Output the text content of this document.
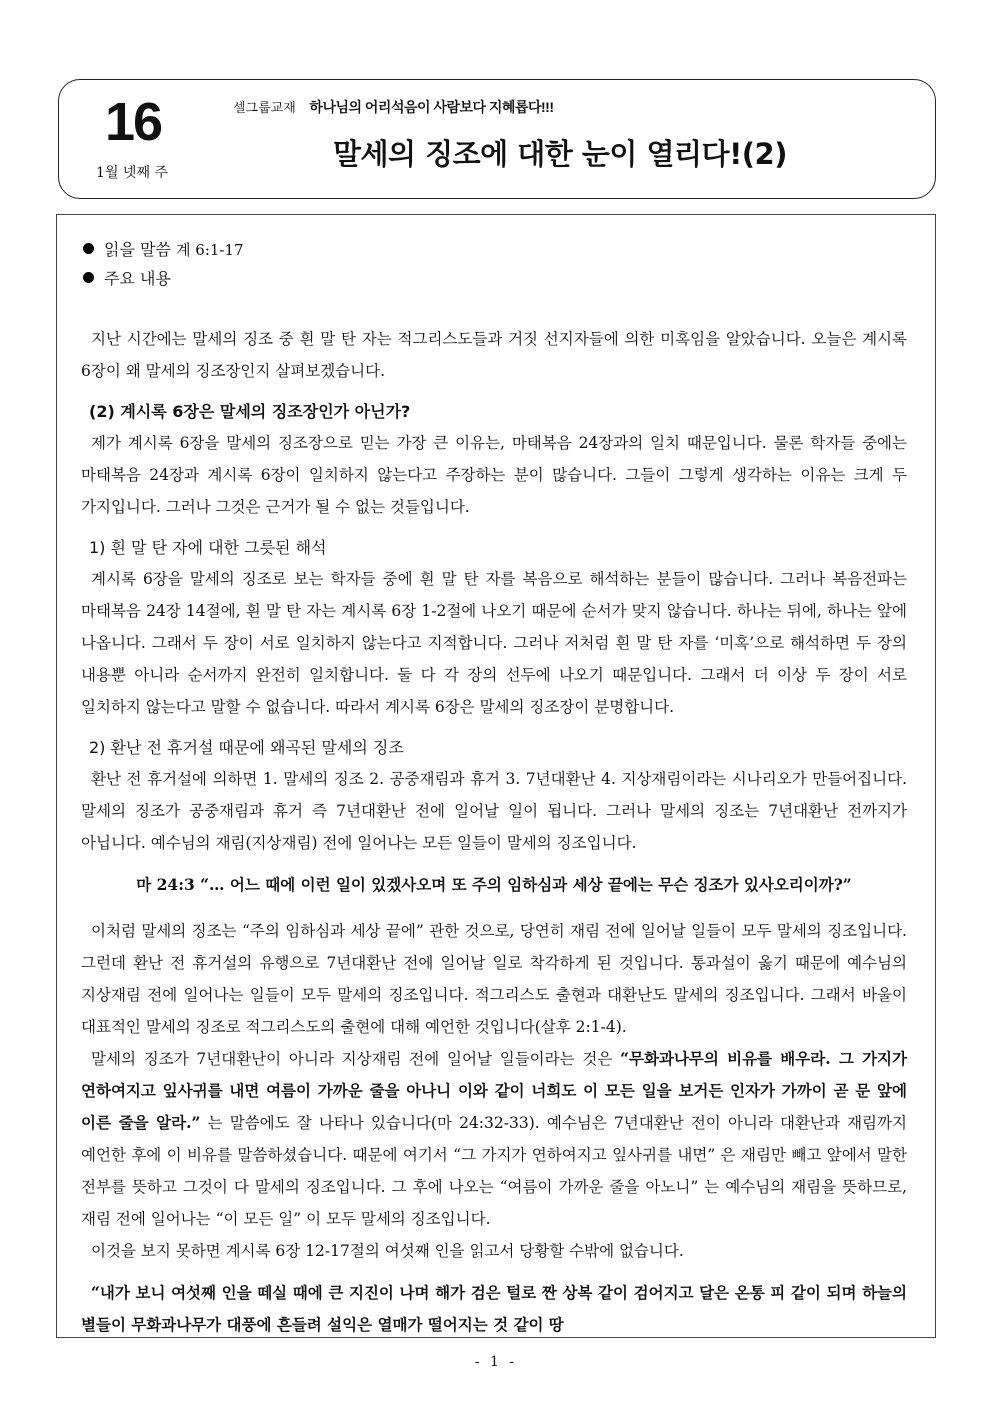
16
1월 넷째 주
셀그룹교재 하나님의 어리석음이 사람보다 지혜롭다!!!
말세의 징조에 대한 눈이 열리다!(2)
읽을 말씀 계 6:1-17
주요 내용

지난 시간에는 말세의 징조 중 흰 말 탄 자는 적그리스도들과 거짓 선지자들에 의한 미혹임을 알았습니다. 오늘은 계시록 6장이 왜 말세의 징조장인지 살펴보겠습니다.

(2) 계시록 6장은 말세의 징조장인가 아닌가?

제가 계시록 6장을 말세의 징조장으로 믿는 가장 큰 이유는, 마태복음 24장과의 일치 때문입니다. 물론 학자들 중에는 마태복음 24장과 계시록 6장이 일치하지 않는다고 주장하는 분이 많습니다. 그들이 그렇게 생각하는 이유는 크게 두 가지입니다. 그러나 그것은 근거가 될 수 없는 것들입니다.

1) 흰 말 탄 자에 대한 그릇된 해석

계시록 6장을 말세의 징조로 보는 학자들 중에 흰 말 탄 자를 복음으로 해석하는 분들이 많습니다. 그러나 복음전파는 마태복음 24장 14절에, 흰 말 탄 자는 계시록 6장 1-2절에 나오기 때문에 순서가 맞지 않습니다. 하나는 뒤에, 하나는 앞에 나옵니다. 그래서 두 장이 서로 일치하지 않는다고 지적합니다. 그러나 저처럼 흰 말 탄 자를 ‘미혹’으로 해석하면 두 장의 내용뿐 아니라 순서까지 완전히 일치합니다. 둘 다 각 장의 선두에 나오기 때문입니다. 그래서 더 이상 두 장이 서로 일치하지 않는다고 말할 수 없습니다. 따라서 계시록 6장은 말세의 징조장이 분명합니다.

2) 환난 전 휴거설 때문에 왜곡된 말세의 징조

환난 전 휴거설에 의하면 1. 말세의 징조 2. 공중재림과 휴거 3. 7년대환난 4. 지상재림이라는 시나리오가 만들어집니다. 말세의 징조가 공중재림과 휴거 즉 7년대환난 전에 일어날 일이 됩니다. 그러나 말세의 징조는 7년대환난 전까지가 아닙니다. 예수님의 재림(지상재림) 전에 일어나는 모든 일들이 말세의 징조입니다.

마 24:3 “… 어느 때에 이런 일이 있겠사오며 또 주의 임하심과 세상 끝에는 무슨 징조가 있사오리이까?”

이처럼 말세의 징조는 “주의 임하심과 세상 끝에” 관한 것으로, 당연히 재림 전에 일어날 일들이 모두 말세의 징조입니다. 그런데 환난 전 휴거설의 유행으로 7년대환난 전에 일어날 일로 착각하게 된 것입니다. 통과설이 옳기 때문에 예수님의 지상재림 전에 일어나는 일들이 모두 말세의 징조입니다. 적그리스도 출현과 대환난도 말세의 징조입니다. 그래서 바울이 대표적인 말세의 징조로 적그리스도의 출현에 대해 예언한 것입니다(살후 2:1-4).

말세의 징조가 7년대환난이 아니라 지상재림 전에 일어날 일들이라는 것은 “무화과나무의 비유를 배우라. 그 가지가 연하여지고 잎사귀를 내면 여름이 가까운 줄을 아나니 이와 같이 너희도 이 모든 일을 보거든 인자가 가까이 곧 문 앞에 이른 줄을 알라.” 는 말씀에도 잘 나타나 있습니다(마 24:32-33). 예수님은 7년대환난 전이 아니라 대환난과 재림까지 예언한 후에 이 비유를 말씀하셨습니다. 때문에 여기서 “그 가지가 연하여지고 잎사귀를 내면” 은 재림만 빼고 앞에서 말한 전부를 뜻하고 그것이 다 말세의 징조입니다. 그 후에 나오는 “여름이 가까운 줄을 아노니” 는 예수님의 재림을 뜻하므로, 재림 전에 일어나는 “이 모든 일” 이 모두 말세의 징조입니다.

이것을 보지 못하면 계시록 6장 12-17절의 여섯째 인을 읽고서 당황할 수밖에 없습니다.

“내가 보니 여섯째 인을 떼실 때에 큰 지진이 나며 해가 검은 털로 짠 상복 같이 검어지고 달은 온통 피 같이 되며 하늘의 별들이 무화과나무가 대풍에 흔들려 설익은 열매가 떨어지는 것 같이 땅

- 1 -
